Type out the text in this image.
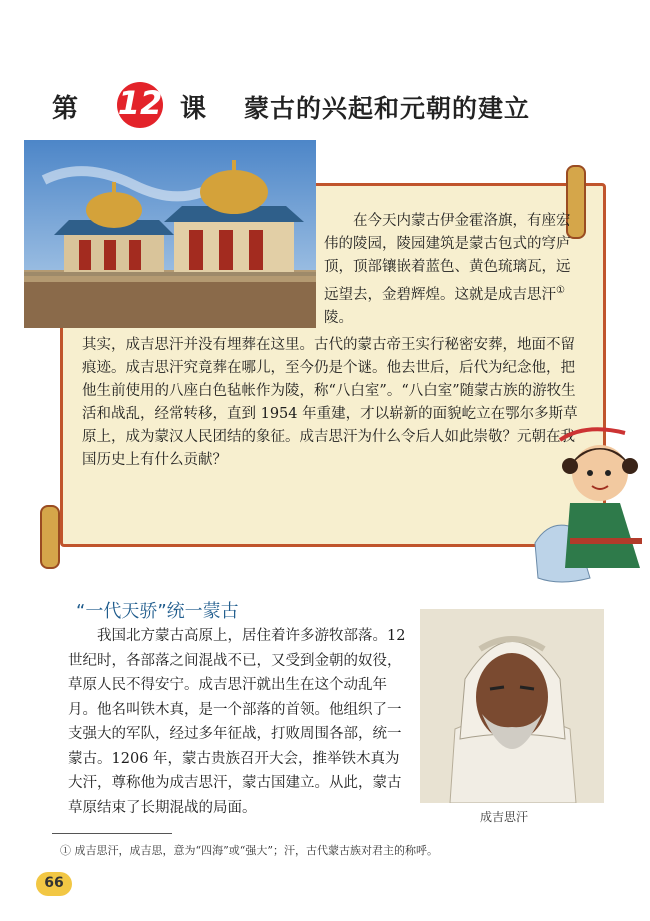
第 12 课 蒙古的兴起和元朝的建立
在今天内蒙古伊金霍洛旗，有座宏伟的陵园，陵园建筑是蒙古包式的穹庐顶，顶部镶嵌着蓝色、黄色琉璃瓦，远远望去，金碧辉煌。这就是成吉思汗①陵。
其实，成吉思汗并没有埋葬在这里。古代的蒙古帝王实行秘密安葬，地面不留痕迹。成吉思汗究竟葬在哪儿，至今仍是个谜。他去世后，后代为纪念他，把他生前使用的八座白色毡帐作为陵，称“八白室”。“八白室”随蒙古族的游牧生活和战乱，经常转移，直到 1954 年重建，才以崭新的面貌屹立在鄂尔多斯草原上，成为蒙汉人民团结的象征。成吉思汗为什么令后人如此崇敬？元朝在我国历史上有什么贡献？
“一代天骄”统一蒙古
我国北方蒙古高原上，居住着许多游牧部落。12 世纪时，各部落之间混战不已，又受到金朝的奴役，草原人民不得安宁。成吉思汗就出生在这个动乱年月。他名叫铁木真，是一个部落的首领。他组织了一支强大的军队，经过多年征战，打败周围各部，统一蒙古。1206 年，蒙古贵族召开大会，推举铁木真为大汗，尊称他为成吉思汗，蒙古国建立。从此，蒙古草原结束了长期混战的局面。
成吉思汗
① 成吉思汗，成吉思，意为“四海”或“强大”；汗，古代蒙古族对君主的称呼。
66
